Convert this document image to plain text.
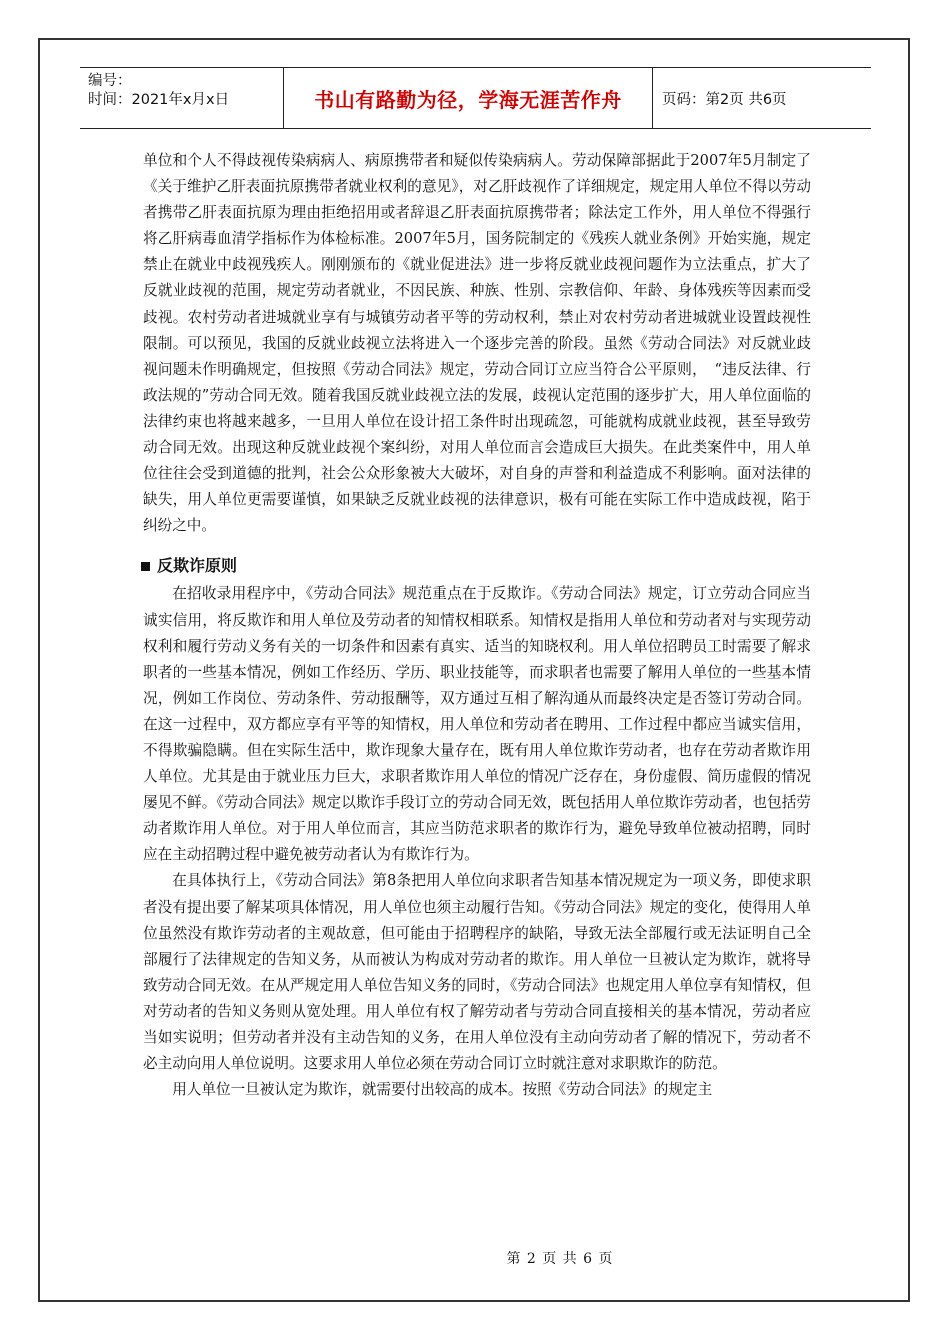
编号：
时间：2021年x月x日	书山有路勤为径，学海无涯苦作舟	页码：第2页 共6页

单位和个人不得歧视传染病病人、病原携带者和疑似传染病病人。劳动保障部据此于2007年5月制定了《关于维护乙肝表面抗原携带者就业权利的意见》，对乙肝歧视作了详细规定，规定用人单位不得以劳动者携带乙肝表面抗原为理由拒绝招用或者辞退乙肝表面抗原携带者；除法定工作外，用人单位不得强行将乙肝病毒血清学指标作为体检标准。2007年5月，国务院制定的《残疾人就业条例》开始实施，规定禁止在就业中歧视残疾人。刚刚颁布的《就业促进法》进一步将反就业歧视问题作为立法重点，扩大了反就业歧视的范围，规定劳动者就业，不因民族、种族、性别、宗教信仰、年龄、身体残疾等因素而受歧视。农村劳动者进城就业享有与城镇劳动者平等的劳动权利，禁止对农村劳动者进城就业设置歧视性限制。可以预见，我国的反就业歧视立法将进入一个逐步完善的阶段。虽然《劳动合同法》对反就业歧视问题未作明确规定，但按照《劳动合同法》规定，劳动合同订立应当符合公平原则，　“违反法律、行政法规的”劳动合同无效。随着我国反就业歧视立法的发展，歧视认定范围的逐步扩大，用人单位面临的法律约束也将越来越多，一旦用人单位在设计招工条件时出现疏忽，可能就构成就业歧视，甚至导致劳动合同无效。出现这种反就业歧视个案纠纷，对用人单位而言会造成巨大损失。在此类案件中，用人单位往往会受到道德的批判，社会公众形象被大大破坏，对自身的声誉和利益造成不利影响。面对法律的缺失，用人单位更需要谨慎，如果缺乏反就业歧视的法律意识，极有可能在实际工作中造成歧视，陷于纠纷之中。

反欺诈原则

在招收录用程序中，《劳动合同法》规范重点在于反欺诈。《劳动合同法》规定，订立劳动合同应当诚实信用，将反欺诈和用人单位及劳动者的知情权相联系。知情权是指用人单位和劳动者对与实现劳动权利和履行劳动义务有关的一切条件和因素有真实、适当的知晓权利。用人单位招聘员工时需要了解求职者的一些基本情况，例如工作经历、学历、职业技能等，而求职者也需要了解用人单位的一些基本情况，例如工作岗位、劳动条件、劳动报酬等，双方通过互相了解沟通从而最终决定是否签订劳动合同。在这一过程中，双方都应享有平等的知情权，用人单位和劳动者在聘用、工作过程中都应当诚实信用，不得欺骗隐瞒。但在实际生活中，欺诈现象大量存在，既有用人单位欺诈劳动者，也存在劳动者欺诈用人单位。尤其是由于就业压力巨大，求职者欺诈用人单位的情况广泛存在，身份虚假、简历虚假的情况屡见不鲜。《劳动合同法》规定以欺诈手段订立的劳动合同无效，既包括用人单位欺诈劳动者，也包括劳动者欺诈用人单位。对于用人单位而言，其应当防范求职者的欺诈行为，避免导致单位被动招聘，同时应在主动招聘过程中避免被劳动者认为有欺诈行为。

在具体执行上，《劳动合同法》第8条把用人单位向求职者告知基本情况规定为一项义务，即使求职者没有提出要了解某项具体情况，用人单位也须主动履行告知。《劳动合同法》规定的变化，使得用人单位虽然没有欺诈劳动者的主观故意，但可能由于招聘程序的缺陷，导致无法全部履行或无法证明自己全部履行了法律规定的告知义务，从而被认为构成对劳动者的欺诈。用人单位一旦被认定为欺诈，就将导致劳动合同无效。在从严规定用人单位告知义务的同时，《劳动合同法》也规定用人单位享有知情权，但对劳动者的告知义务则从宽处理。用人单位有权了解劳动者与劳动合同直接相关的基本情况，劳动者应当如实说明；但劳动者并没有主动告知的义务，在用人单位没有主动向劳动者了解的情况下，劳动者不必主动向用人单位说明。这要求用人单位必须在劳动合同订立时就注意对求职欺诈的防范。

用人单位一旦被认定为欺诈，就需要付出较高的成本。按照《劳动合同法》的规定主

第 2 页 共 6 页
